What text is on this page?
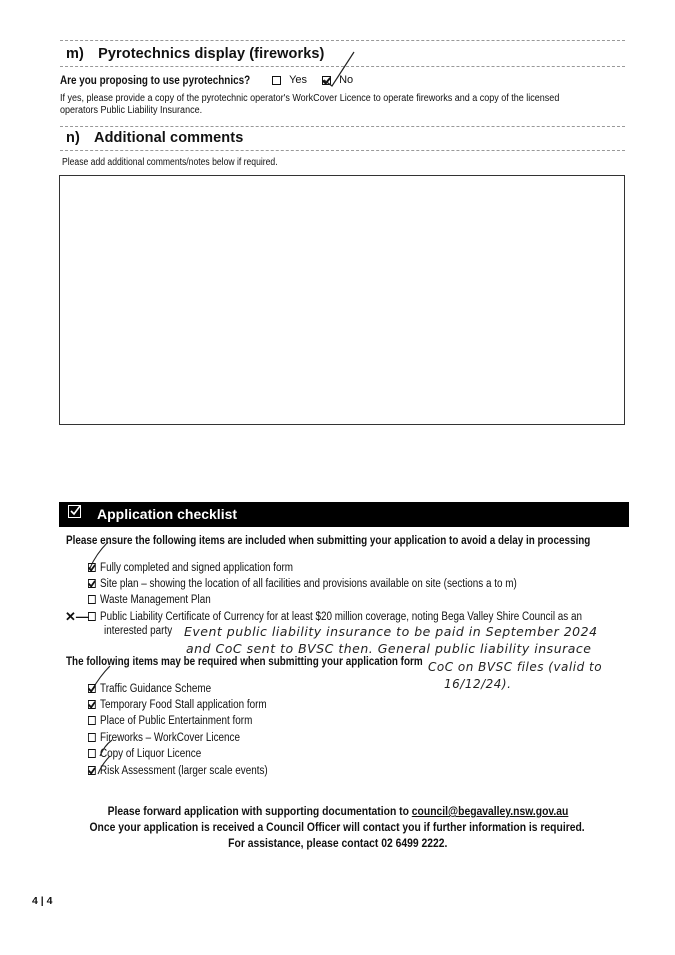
m) Pyrotechnics display (fireworks)
Are you proposing to use pyrotechnics?	Yes	No
If yes, please provide a copy of the pyrotechnic operator's WorkCover Licence to operate fireworks and a copy of the licensed operators Public Liability Insurance.
n) Additional comments
Please add additional comments/notes below if required.
Application checklist
Please ensure the following items are included when submitting your application to avoid a delay in processing
Fully completed and signed application form
Site plan – showing the location of all facilities and provisions available on site (sections a to m)
Waste Management Plan
✕— Public Liability Certificate of Currency for at least $20 million coverage, noting Bega Valley Shire Council as an
interested party Event public liability insurance to be paid in September 2024
and CoC sent to BVSC then. General public liability insurace
CoC on BVSC files (valid to
16/12/24).
The following items may be required when submitting your application form
Traffic Guidance Scheme
Temporary Food Stall application form
Place of Public Entertainment form
Fireworks – WorkCover Licence
Copy of Liquor Licence
Risk Assessment (larger scale events)
Please forward application with supporting documentation to council@begavalley.nsw.gov.au
Once your application is received a Council Officer will contact you if further information is required.
For assistance, please contact 02 6499 2222.
4 | 4
